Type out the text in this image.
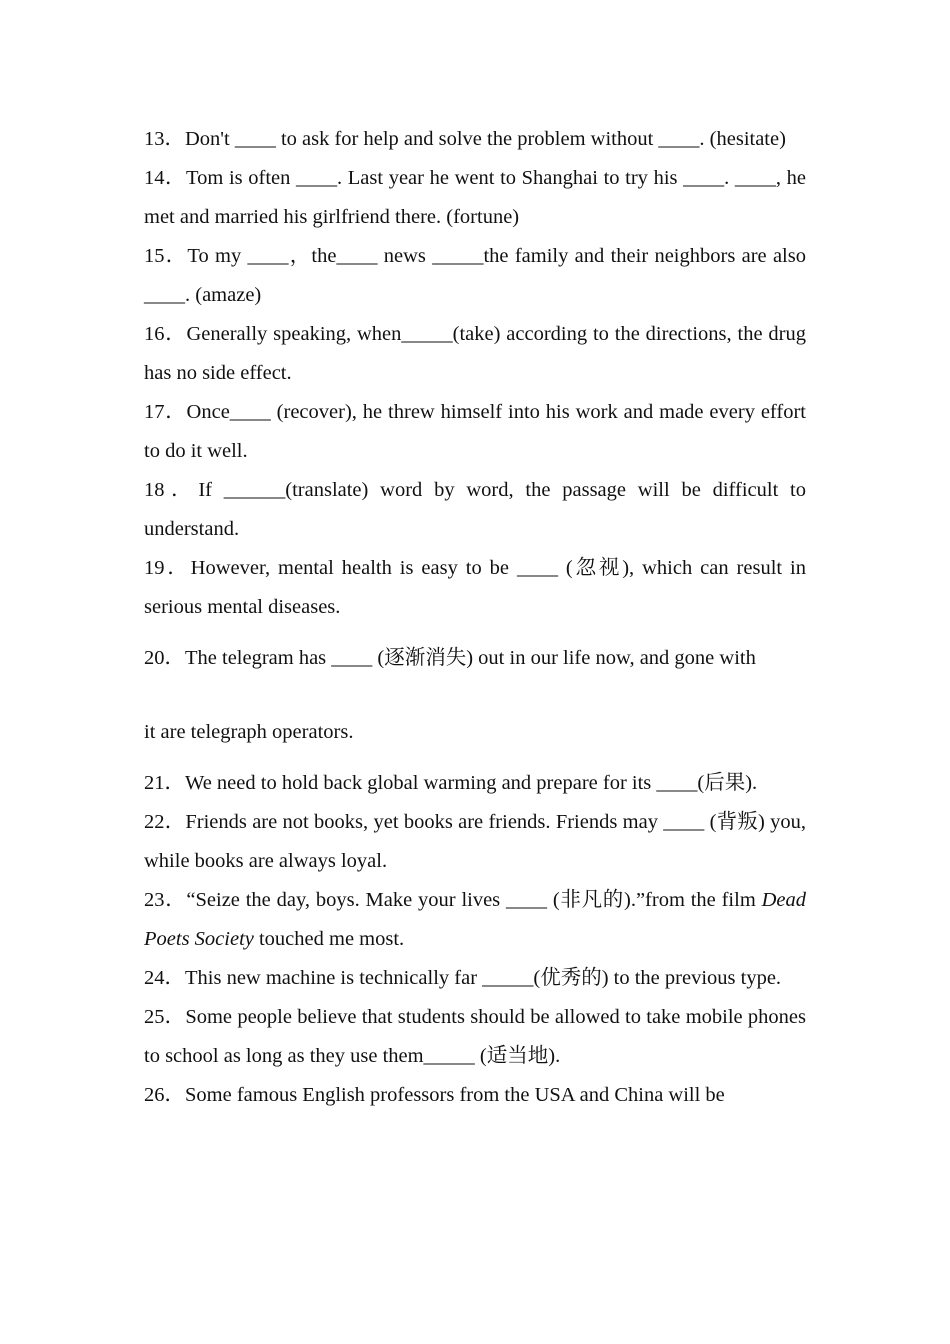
13．Don't ____ to ask for help and solve the problem without ____. (hesitate)

14．Tom is often ____. Last year he went to Shanghai to try his ____. ____, he met and married his girlfriend there. (fortune)

15．To my ____，the____ news _____the family and their neighbors are also ____. (amaze)

16．Generally speaking, when_____(take) according to the directions, the drug has no side effect.

17．Once____ (recover), he threw himself into his work and made every effort to do it well.

18．If ______(translate) word by word, the passage will be difficult to understand.

19．However, mental health is easy to be ____ (忽视), which can result in serious mental diseases.

20．The telegram has ____ (逐渐消失) out in our life now, and gone with
it are telegraph operators.

21．We need to hold back global warming and prepare for its ____(后果).

22．Friends are not books, yet books are friends. Friends may ____ (背叛) you, while books are always loyal.

23．“Seize the day, boys. Make your lives ____ (非凡的).”from the film Dead Poets Society touched me most.

24．This new machine is technically far _____(优秀的) to the previous type.

25．Some people believe that students should be allowed to take mobile phones to school as long as they use them_____ (适当地).

26．Some famous English professors from the USA and China will be
